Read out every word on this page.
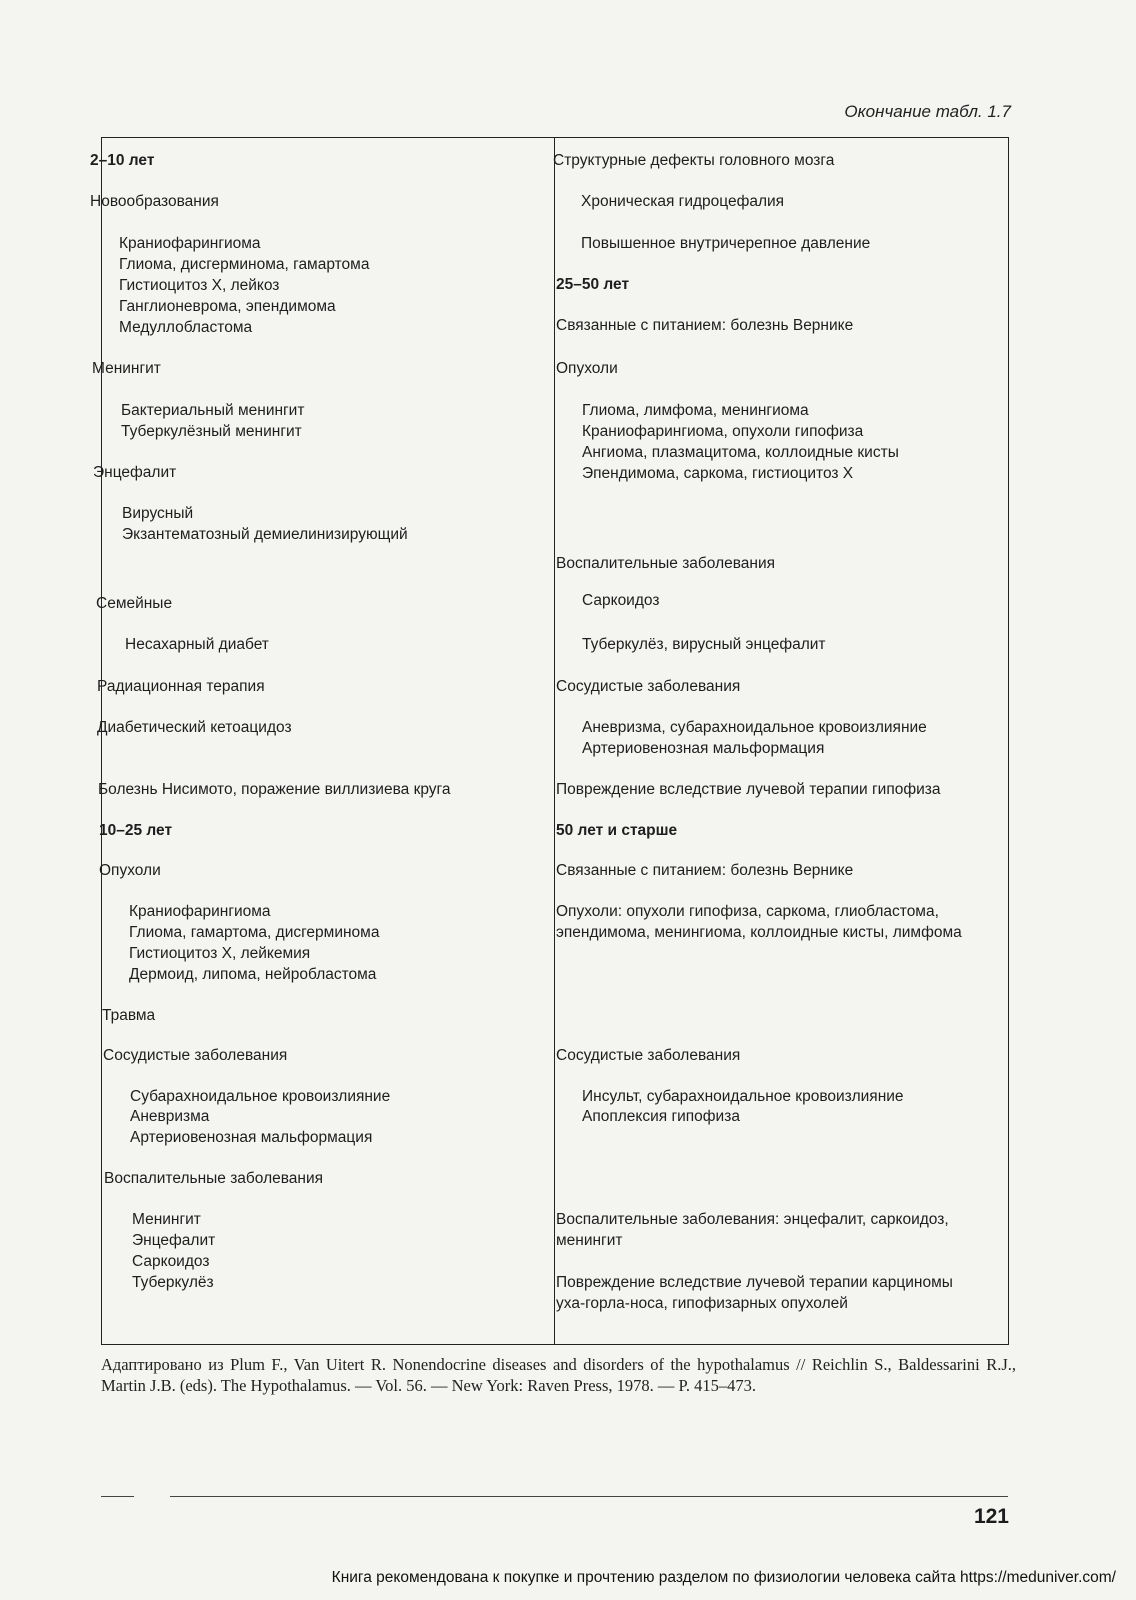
Окончание табл. 1.7
2–10 лет
Новообразования
Краниофарингиома
Глиома, дисгерминома, гамартома
Гистиоцитоз Х, лейкоз
Ганглионеврома, эпендимома
Медуллобластома
Менингит
Бактериальный менингит
Туберкулёзный менингит
Энцефалит
Вирусный
Экзантематозный демиелинизирующий
Семейные
Несахарный диабет
Радиационная терапия
Диабетический кетоацидоз
Болезнь Нисимото, поражение виллизиева круга
10–25 лет
Опухоли
Краниофарингиома
Глиома, гамартома, дисгерминома
Гистиоцитоз Х, лейкемия
Дермоид, липома, нейробластома
Травма
Сосудистые заболевания
Субарахноидальное кровоизлияние
Аневризма
Артериовенозная мальформация
Воспалительные заболевания
Менингит
Энцефалит
Саркоидоз
Туберкулёз
Структурные дефекты головного мозга
Хроническая гидроцефалия
Повышенное внутричерепное давление
25–50 лет
Связанные с питанием: болезнь Вернике
Опухоли
Глиома, лимфома, менингиома
Краниофарингиома, опухоли гипофиза
Ангиома, плазмацитома, коллоидные кисты
Эпендимома, саркома, гистиоцитоз Х
Воспалительные заболевания
Саркоидоз
Туберкулёз, вирусный энцефалит
Сосудистые заболевания
Аневризма, субарахноидальное кровоизлияние
Артериовенозная мальформация
Повреждение вследствие лучевой терапии гипофиза
50 лет и старше
Связанные с питанием: болезнь Вернике
Опухоли: опухоли гипофиза, саркома, глиобластома, эпендимома, менингиома, коллоидные кисты, лимфома
Сосудистые заболевания
Инсульт, субарахноидальное кровоизлияние
Апоплексия гипофиза
Воспалительные заболевания: энцефалит, саркоидоз, менингит
Повреждение вследствие лучевой терапии карциномы уха-горла-носа, гипофизарных опухолей
Адаптировано из Plum F., Van Uitert R. Nonendocrine diseases and disorders of the hypothalamus // Reichlin S., Baldessarini R.J., Martin J.B. (eds). The Hypothalamus. — Vol. 56. — New York: Raven Press, 1978. — P. 415–473.
121
Книга рекомендована к покупке и прочтению разделом по физиологии человека сайта https://meduniver.com/
